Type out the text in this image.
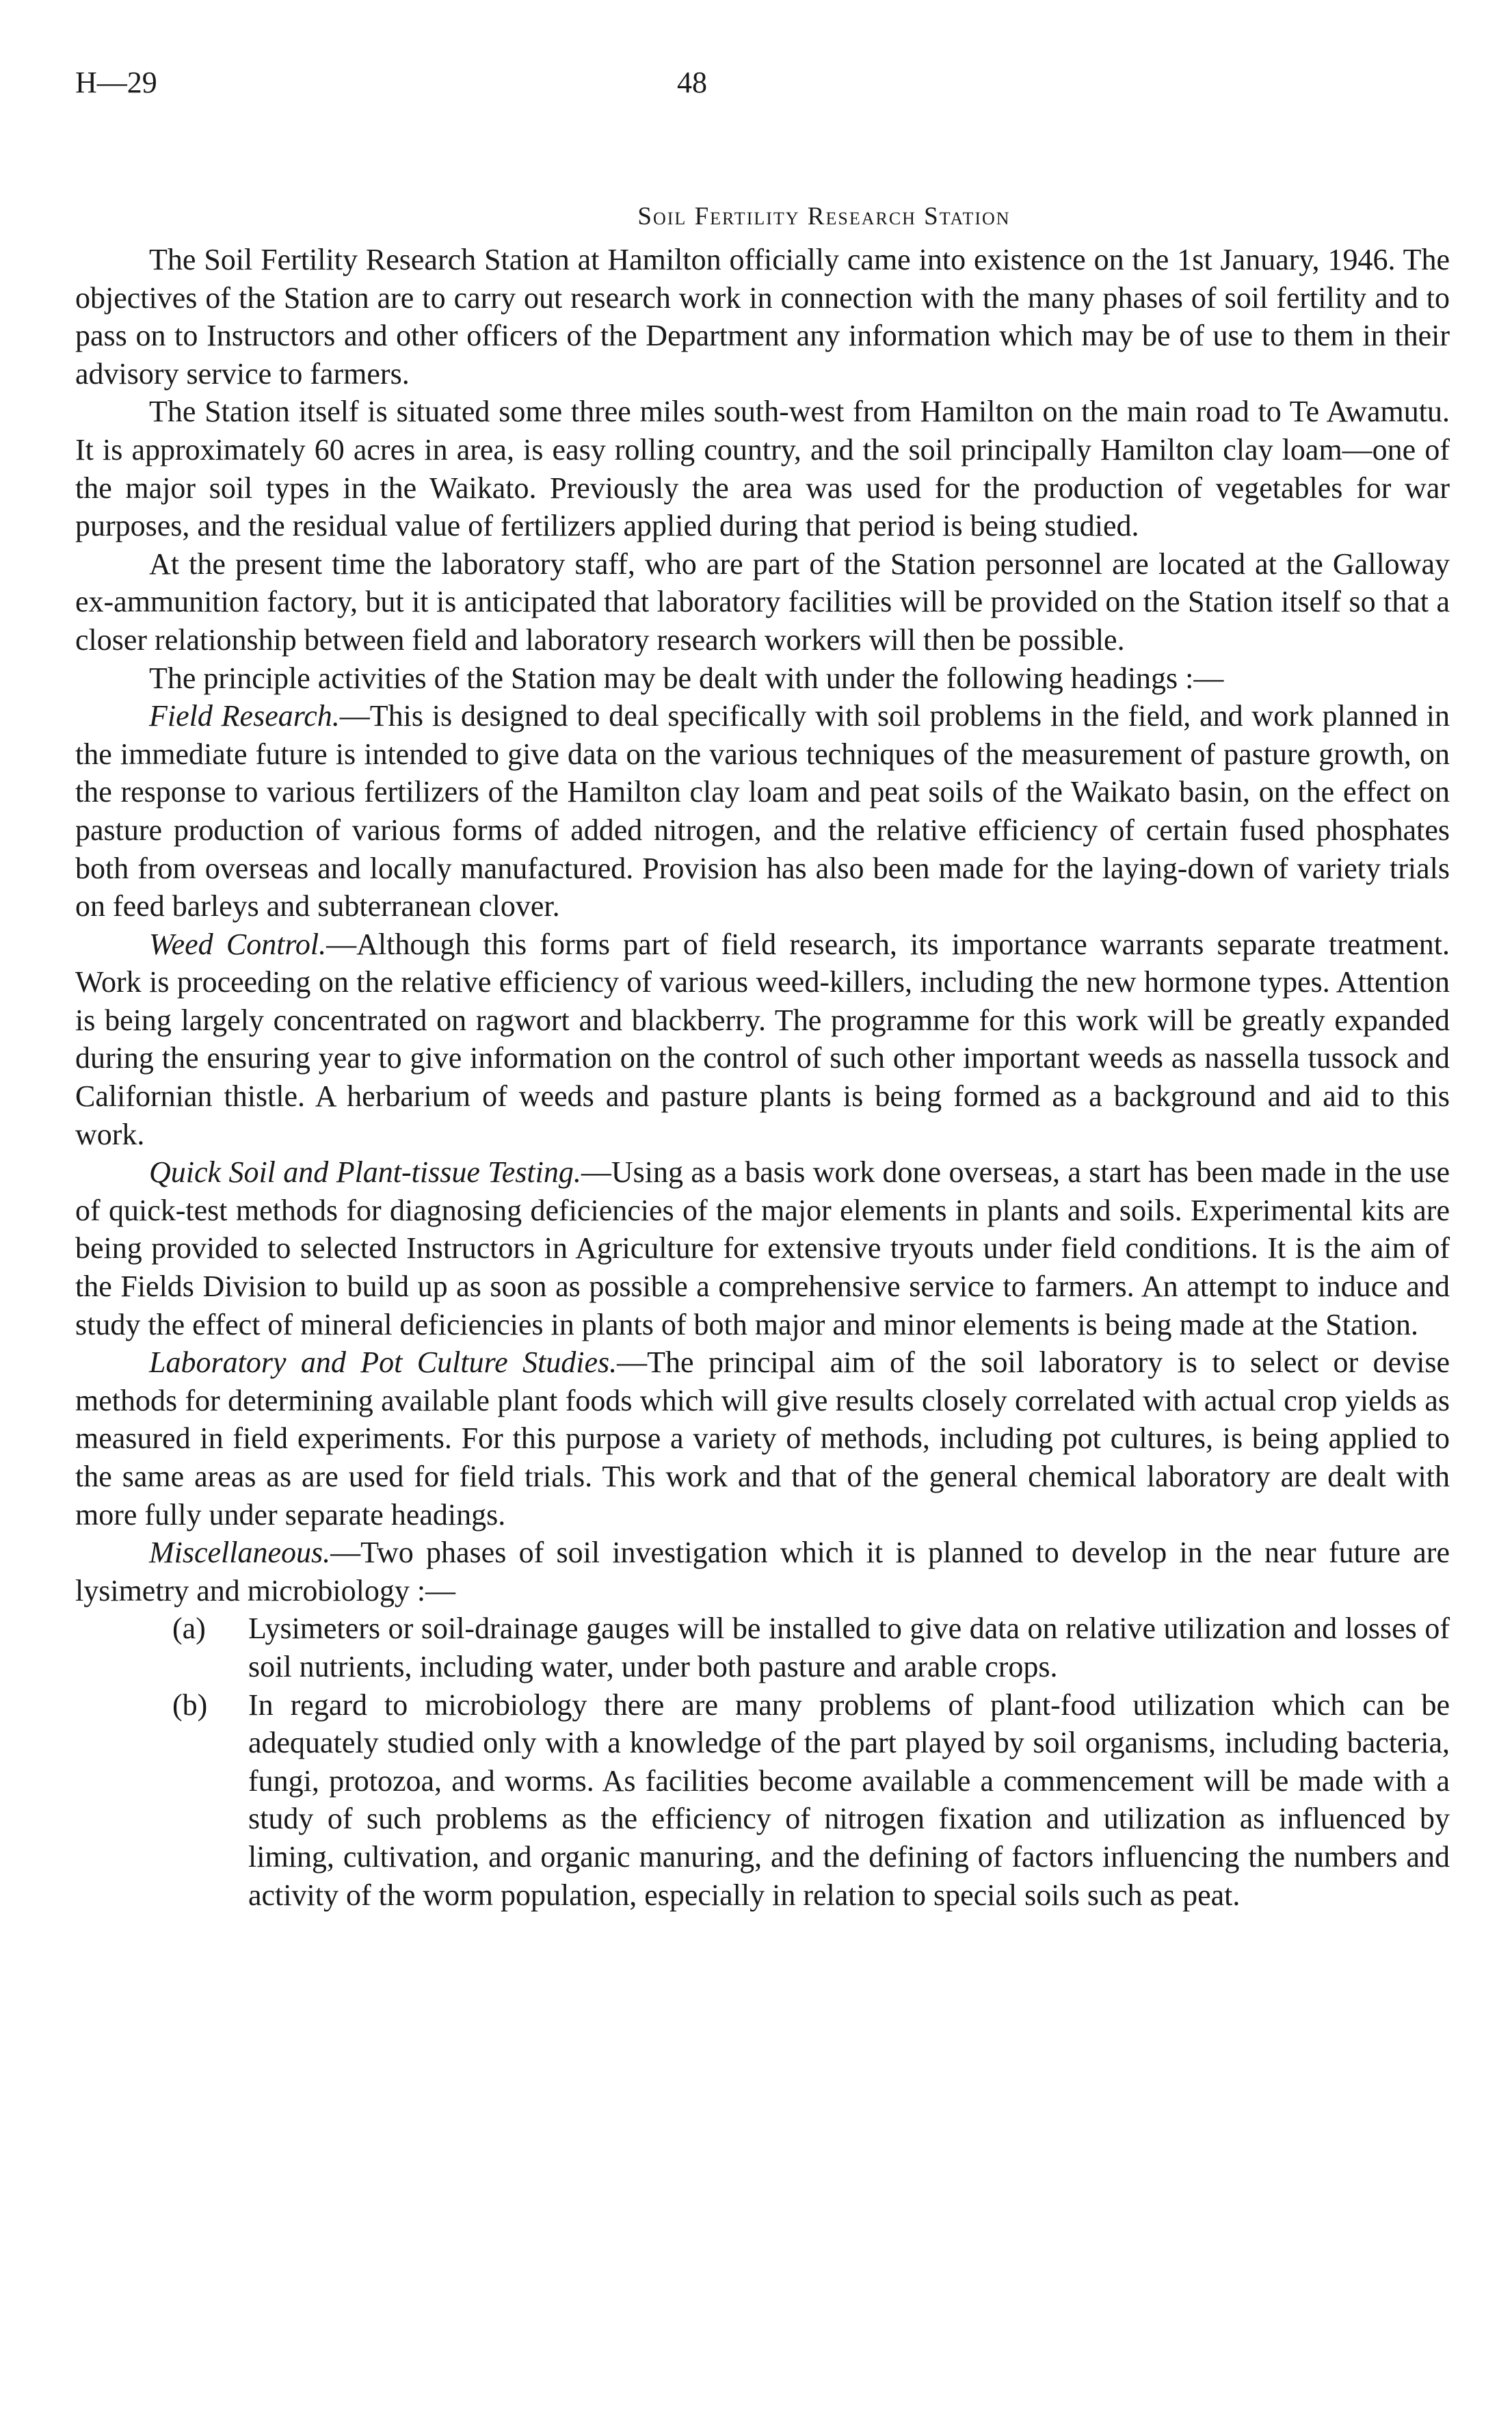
H—29	48
Soil Fertility Research Station

The Soil Fertility Research Station at Hamilton officially came into existence on the 1st January, 1946. The objectives of the Station are to carry out research work in connection with the many phases of soil fertility and to pass on to Instructors and other officers of the Department any information which may be of use to them in their advisory service to farmers.

The Station itself is situated some three miles south-west from Hamilton on the main road to Te Awamutu. It is approximately 60 acres in area, is easy rolling country, and the soil principally Hamilton clay loam—one of the major soil types in the Waikato. Previously the area was used for the production of vegetables for war purposes, and the residual value of fertilizers applied during that period is being studied.

At the present time the laboratory staff, who are part of the Station personnel are located at the Galloway ex-ammunition factory, but it is anticipated that laboratory facilities will be provided on the Station itself so that a closer relationship between field and laboratory research workers will then be possible.

The principle activities of the Station may be dealt with under the following headings :—

Field Research.—This is designed to deal specifically with soil problems in the field, and work planned in the immediate future is intended to give data on the various techniques of the measurement of pasture growth, on the response to various fertilizers of the Hamilton clay loam and peat soils of the Waikato basin, on the effect on pasture production of various forms of added nitrogen, and the relative efficiency of certain fused phosphates both from overseas and locally manufactured. Provision has also been made for the laying-down of variety trials on feed barleys and subterranean clover.

Weed Control.—Although this forms part of field research, its importance warrants separate treatment. Work is proceeding on the relative efficiency of various weed-killers, including the new hormone types. Attention is being largely concentrated on ragwort and blackberry. The programme for this work will be greatly expanded during the ensuring year to give information on the control of such other important weeds as nassella tussock and Californian thistle. A herbarium of weeds and pasture plants is being formed as a background and aid to this work.

Quick Soil and Plant-tissue Testing.—Using as a basis work done overseas, a start has been made in the use of quick-test methods for diagnosing deficiencies of the major elements in plants and soils. Experimental kits are being provided to selected Instructors in Agriculture for extensive tryouts under field conditions. It is the aim of the Fields Division to build up as soon as possible a comprehensive service to farmers. An attempt to induce and study the effect of mineral deficiencies in plants of both major and minor elements is being made at the Station.

Laboratory and Pot Culture Studies.—The principal aim of the soil laboratory is to select or devise methods for determining available plant foods which will give results closely correlated with actual crop yields as measured in field experiments. For this purpose a variety of methods, including pot cultures, is being applied to the same areas as are used for field trials. This work and that of the general chemical laboratory are dealt with more fully under separate headings.

Miscellaneous.—Two phases of soil investigation which it is planned to develop in the near future are lysimetry and microbiology :—

(a) Lysimeters or soil-drainage gauges will be installed to give data on relative utilization and losses of soil nutrients, including water, under both pasture and arable crops.
(b) In regard to microbiology there are many problems of plant-food utilization which can be adequately studied only with a knowledge of the part played by soil organisms, including bacteria, fungi, protozoa, and worms. As facilities become available a commencement will be made with a study of such problems as the efficiency of nitrogen fixation and utilization as influenced by liming, cultivation, and organic manuring, and the defining of factors influencing the numbers and activity of the worm population, especially in relation to special soils such as peat.
